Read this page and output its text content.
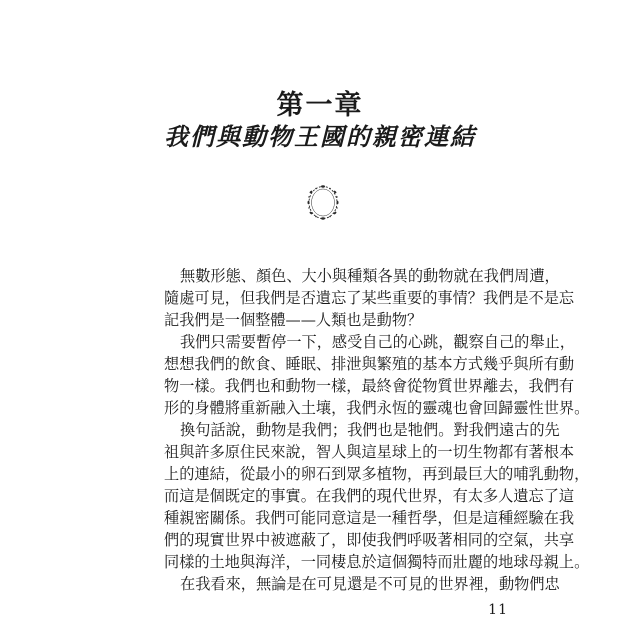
第一章
我們與動物王國的親密連結

無數形態、顏色、大小與種類各異的動物就在我們周遭，
隨處可見，但我們是否遺忘了某些重要的事情？我們是不是忘
記我們是一個整體——人類也是動物？

我們只需要暫停一下，感受自己的心跳，觀察自己的舉止，
想想我們的飲食、睡眠、排泄與繁殖的基本方式幾乎與所有動
物一樣。我們也和動物一樣，最終會從物質世界離去，我們有
形的身體將重新融入土壤，我們永恆的靈魂也會回歸靈性世界。

換句話說，動物是我們；我們也是牠們。對我們遠古的先
祖與許多原住民來說，智人與這星球上的一切生物都有著根本
上的連結，從最小的卵石到眾多植物，再到最巨大的哺乳動物，
而這是個既定的事實。在我們的現代世界，有太多人遺忘了這
種親密關係。我們可能同意這是一種哲學，但是這種經驗在我
們的現實世界中被遮蔽了，即使我們呼吸著相同的空氣，共享
同樣的土地與海洋，一同棲息於這個獨特而壯麗的地球母親上。

在我看來，無論是在可見還是不可見的世界裡，動物們忠

11
